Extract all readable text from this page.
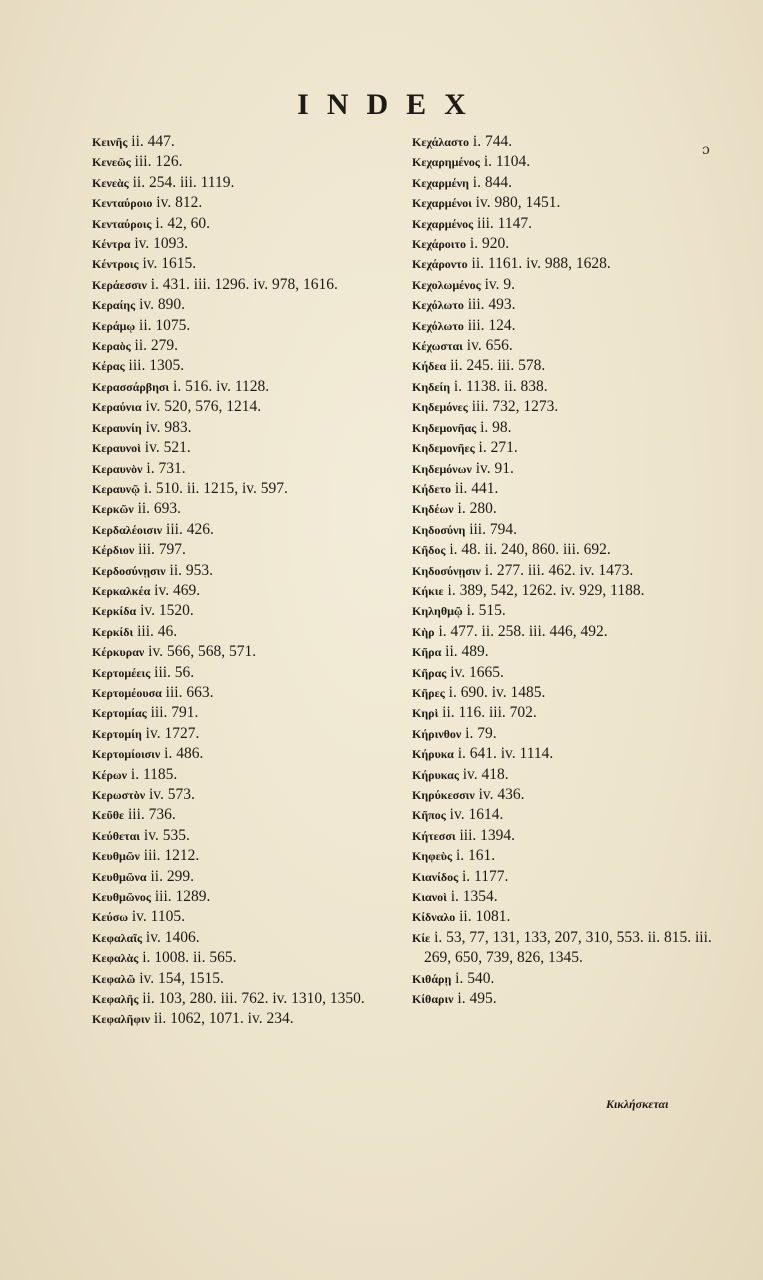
INDEX
ɔ
Κεινῆς ii. 447.
Κενεῶς iii. 126.
Κενεὰς ii. 254. iii. 1119.
Κενταύροιο iv. 812.
Κενταύροις i. 42, 60.
Κέντρα iv. 1093.
Κέντροις iv. 1615.
Κεράεσσιν i. 431. iii. 1296. iv. 978, 1616.
Κεραίης iv. 890.
Κεράμῳ ii. 1075.
Κεραὸς ii. 279.
Κέρας iii. 1305.
Κερασσάρβησι i. 516. iv. 1128.
Κεραύνια iv. 520, 576, 1214.
Κεραυνίη iv. 983.
Κεραυνοὶ iv. 521.
Κεραυνὸν i. 731.
Κεραυνῷ i. 510. ii. 1215, iv. 597.
Κερκῶν ii. 693.
Κερδαλέοισιν iii. 426.
Κέρδιον iii. 797.
Κερδοσύνῃσιν ii. 953.
Κερκαλκέα iv. 469.
Κερκίδα iv. 1520.
Κερκίδι iii. 46.
Κέρκυραν iv. 566, 568, 571.
Κερτομέεις iii. 56.
Κερτομέουσα iii. 663.
Κερτομίας iii. 791.
Κερτομίη iv. 1727.
Κερτομίοισιν i. 486.
Κέρων i. 1185.
Κερωστὸν iv. 573.
Κεῦθε iii. 736.
Κεύθεται iv. 535.
Κευθμῶν iii. 1212.
Κευθμῶνα ii. 299.
Κευθμῶνος iii. 1289.
Κεύσω iv. 1105.
Κεφαλαῖς iv. 1406.
Κεφαλὰς i. 1008. ii. 565.
Κεφαλῶ iv. 154, 1515.
Κεφαλῆς ii. 103, 280. iii. 762. iv. 1310, 1350.
Κεφαλῆφιν ii. 1062, 1071. iv. 234.
Κεχάλαστο i. 744.
Κεχαρημένος i. 1104.
Κεχαρμένη i. 844.
Κεχαρμένοι iv. 980, 1451.
Κεχαρμένος iii. 1147.
Κεχάροιτο i. 920.
Κεχάροντο ii. 1161. iv. 988, 1628.
Κεχολωμένος iv. 9.
Κεχόλωτο iii. 493.
Κεχόλωτο iii. 124.
Κέχωσται iv. 656.
Κήδεα ii. 245. iii. 578.
Κηδείη i. 1138. ii. 838.
Κηδεμόνες iii. 732, 1273.
Κηδεμονῆας i. 98.
Κηδεμονῆες i. 271.
Κηδεμόνων iv. 91.
Κήδετο ii. 441.
Κηδέων i. 280.
Κηδοσύνη iii. 794.
Κῆδος i. 48. ii. 240, 860. iii. 692.
Κηδοσύνῃσιν i. 277. iii. 462. iv. 1473.
Κήκιε i. 389, 542, 1262. iv. 929, 1188.
Κηληθμῷ i. 515.
Κὴρ i. 477. ii. 258. iii. 446, 492.
Κῆρα ii. 489.
Κῆρας iv. 1665.
Κῆρες i. 690. iv. 1485.
Κηρὶ ii. 116. iii. 702.
Κήρινθον i. 79.
Κήρυκα i. 641. iv. 1114.
Κήρυκας iv. 418.
Κηρύκεσσιν iv. 436.
Κῆπος iv. 1614.
Κήτεσσι iii. 1394.
Κηφεὺς i. 161.
Κιανίδος i. 1177.
Κιανοὶ i. 1354.
Κίδναλο ii. 1081.
Κίε i. 53, 77, 131, 133, 207, 310, 553. ii. 815. iii. 269, 650, 739, 826, 1345.
Κιθάρῃ i. 540.
Κίθαριν i. 495.
Κικλήσκεται
